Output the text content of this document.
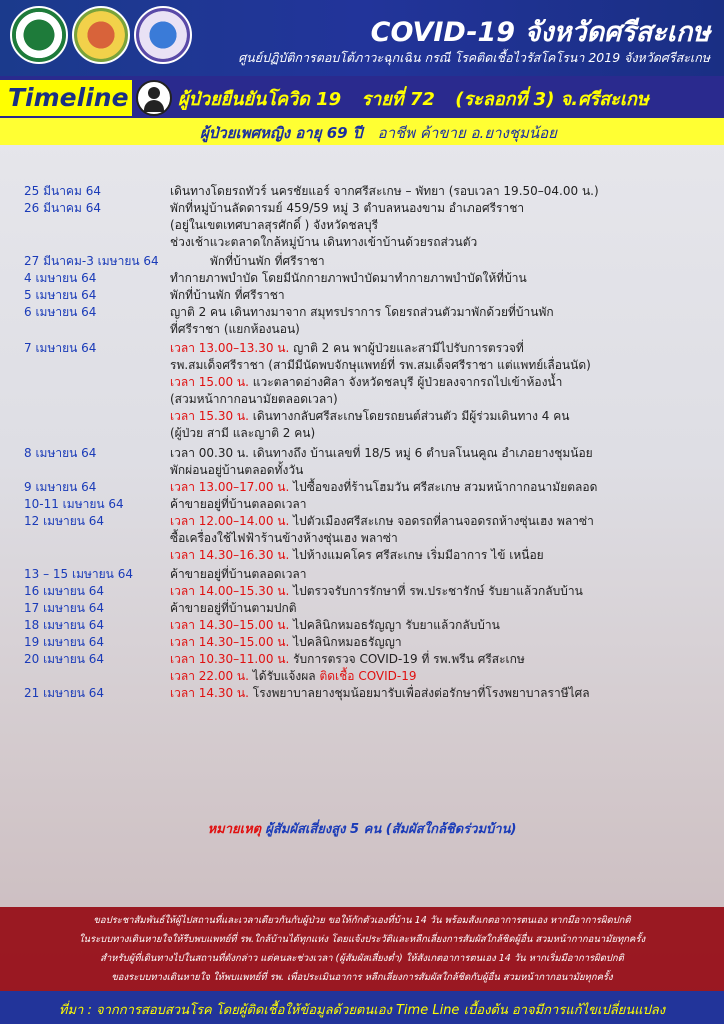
COVID-19 จังหวัดศรีสะเกษ
ศูนย์ปฏิบัติการตอบโต้ภาวะฉุกเฉิน กรณี โรคติดเชื้อไวรัสโคโรนา 2019 จังหวัดศรีสะเกษ
Timeline	ผู้ป่วยยืนยันโควิด 19 รายที่ 72 (ระลอกที่ 3) จ.ศรีสะเกษ
ผู้ป่วยเพศหญิง อายุ 69 ปี อาชีพ ค้าขาย อ.ยางชุมน้อย
25 มีนาคม 64	เดินทางโดยรถทัวร์ นครชัยแอร์ จากศรีสะเกษ – พัทยา (รอบเวลา 19.50–04.00 น.)
26 มีนาคม 64	พักที่หมู่บ้านลัดดารมย์ 459/59 หมู่ 3 ตำบลหนองขาม อำเภอศรีราชา
(อยู่ในเขตเทศบาลสุรศักดิ์ ) จังหวัดชลบุรี
ช่วงเช้าแวะตลาดใกล้หมู่บ้าน เดินทางเข้าบ้านด้วยรถส่วนตัว
27 มีนาคม-3 เมษายน 64	พักที่บ้านพัก ที่ศรีราชา
4 เมษายน 64	ทำกายภาพบำบัด โดยมีนักกายภาพบำบัดมาทำกายภาพบำบัดให้ที่บ้าน
5 เมษายน 64	พักที่บ้านพัก ที่ศรีราชา
6 เมษายน 64	ญาติ 2 คน เดินทางมาจาก สมุทรปราการ โดยรถส่วนตัวมาพักด้วยที่บ้านพัก
ที่ศรีราชา (แยกห้องนอน)
7 เมษายน 64	เวลา 13.00–13.30 น. ญาติ 2 คน พาผู้ป่วยและสามีไปรับการตรวจที่
รพ.สมเด็จศรีราชา (สามีมีนัดพบจักษุแพทย์ที่ รพ.สมเด็จศรีราชา แต่แพทย์เลื่อนนัด)
เวลา 15.00 น. แวะตลาดอ่างศิลา จังหวัดชลบุรี ผู้ป่วยลงจากรถไปเข้าห้องน้ำ
(สวมหน้ากากอนามัยตลอดเวลา)
เวลา 15.30 น. เดินทางกลับศรีสะเกษโดยรถยนต์ส่วนตัว มีผู้ร่วมเดินทาง 4 คน
(ผู้ป่วย สามี และญาติ 2 คน)
8 เมษายน 64	เวลา 00.30 น. เดินทางถึง บ้านเลขที่ 18/5 หมู่ 6 ตำบลโนนคูณ อำเภอยางชุมน้อย
พักผ่อนอยู่บ้านตลอดทั้งวัน
9 เมษายน 64	เวลา 13.00–17.00 น. ไปซื้อของที่ร้านโฮมวัน ศรีสะเกษ สวมหน้ากากอนามัยตลอด
10-11 เมษายน 64	ค้าขายอยู่ที่บ้านตลอดเวลา
12 เมษายน 64	เวลา 12.00–14.00 น. ไปตัวเมืองศรีสะเกษ จอดรถที่ลานจอดรถห้างซุ่นเฮง พลาซ่า
ซื้อเครื่องใช้ไฟฟ้าร้านข้างห้างซุ่นเฮง พลาซ่า
เวลา 14.30–16.30 น. ไปห้างแมคโคร ศรีสะเกษ เริ่มมีอาการ ไข้ เหนื่อย
13 – 15 เมษายน 64	ค้าขายอยู่ที่บ้านตลอดเวลา
16 เมษายน 64	เวลา 14.00–15.30 น. ไปตรวจรับการรักษาที่ รพ.ประชารักษ์ รับยาแล้วกลับบ้าน
17 เมษายน 64	ค้าขายอยู่ที่บ้านตามปกติ
18 เมษายน 64	เวลา 14.30–15.00 น. ไปคลินิกหมอธรัญญา รับยาแล้วกลับบ้าน
19 เมษายน 64	เวลา 14.30–15.00 น. ไปคลินิกหมอธรัญญา
20 เมษายน 64	เวลา 10.30–11.00 น. รับการตรวจ COVID-19 ที่ รพ.พรีน ศรีสะเกษ
เวลา 22.00 น. ได้รับแจ้งผล ติดเชื้อ COVID-19
21 เมษายน 64	เวลา 14.30 น. โรงพยาบาลยางชุมน้อยมารับเพื่อส่งต่อรักษาที่โรงพยาบาลราษีไศล
หมายเหตุ ผู้สัมผัสเสี่ยงสูง 5 คน (สัมผัสใกล้ชิดร่วมบ้าน)
ขอประชาสัมพันธ์ให้ผู้ไปสถานที่และเวลาเดียวกันกับผู้ป่วย ขอให้กักตัวเองที่บ้าน 14 วัน พร้อมสังเกตอาการตนเอง หากมีอาการผิดปกติ
ในระบบทางเดินหายใจให้รีบพบแพทย์ที่ รพ.ใกล้บ้านได้ทุกแห่ง โดยแจ้งประวัติและหลีกเลี่ยงการสัมผัสใกล้ชิดผู้อื่น สวมหน้ากากอนามัยทุกครั้ง
สำหรับผู้ที่เดินทางไปในสถานที่ดังกล่าว แต่คนละช่วงเวลา (ผู้สัมผัสเสี่ยงต่ำ) ให้สังเกตอาการตนเอง 14 วัน หากเริ่มมีอาการผิดปกติ
ของระบบทางเดินหายใจ ให้พบแพทย์ที่ รพ. เพื่อประเมินอาการ หลีกเลี่ยงการสัมผัสใกล้ชิดกับผู้อื่น สวมหน้ากากอนามัยทุกครั้ง
ที่มา : จากการสอบสวนโรค โดยผู้ติดเชื้อให้ข้อมูลด้วยตนเอง Time Line เบื้องต้น อาจมีการแก้ไขเปลี่ยนแปลง
